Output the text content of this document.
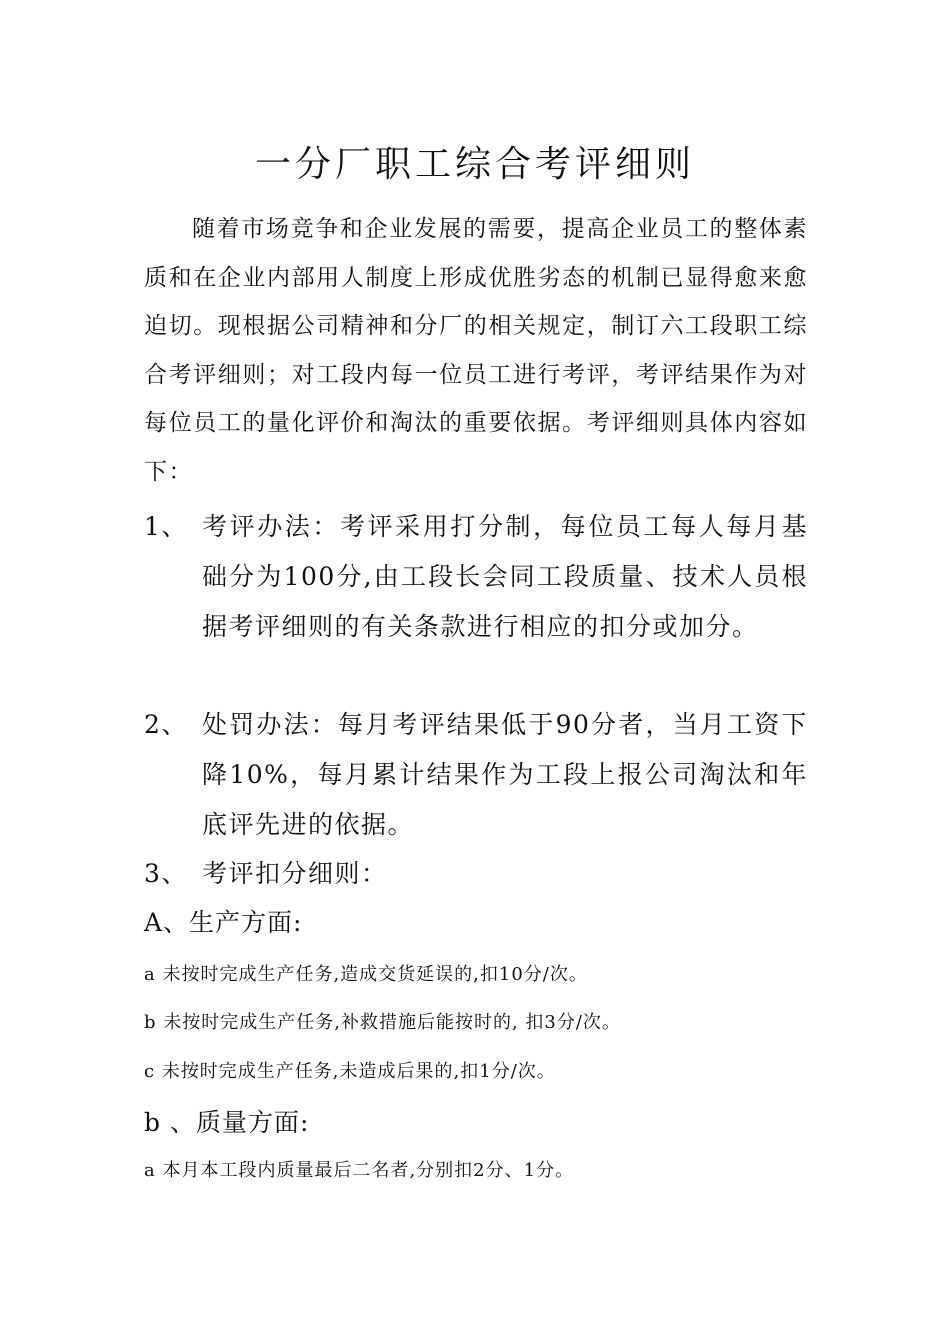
一分厂职工综合考评细则

随着市场竞争和企业发展的需要，提高企业员工的整体素质和在企业内部用人制度上形成优胜劣态的机制已显得愈来愈迫切。现根据公司精神和分厂的相关规定，制订六工段职工综合考评细则；对工段内每一位员工进行考评，考评结果作为对每位员工的量化评价和淘汰的重要依据。考评细则具体内容如下：

1、 考评办法：考评采用打分制，每位员工每人每月基础分为100分,由工段长会同工段质量、技术人员根据考评细则的有关条款进行相应的扣分或加分。
2、 处罚办法：每月考评结果低于90分者，当月工资下降10%，每月累计结果作为工段上报公司淘汰和年底评先进的依据。
3、 考评扣分细则：
A、生产方面:
a 未按时完成生产任务,造成交货延误的,扣10分/次。
b 未按时完成生产任务,补救措施后能按时的, 扣3分/次。
c 未按时完成生产任务,未造成后果的,扣1分/次。
b 、质量方面:
a 本月本工段内质量最后二名者,分别扣2分、1分。
